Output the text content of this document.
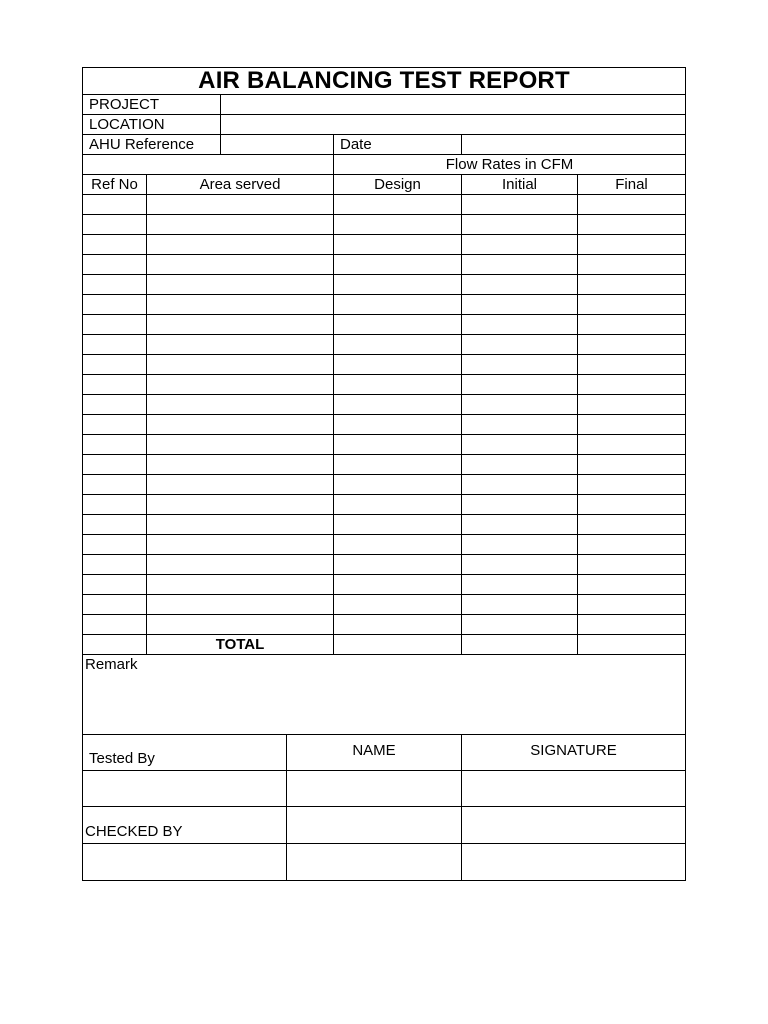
AIR BALANCING TEST REPORT
PROJECT
LOCATION
AHU Reference	Date
Flow Rates in CFM
Ref No	Area served	Design	Initial	Final
TOTAL
Remark
Tested By	NAME	SIGNATURE
CHECKED BY
